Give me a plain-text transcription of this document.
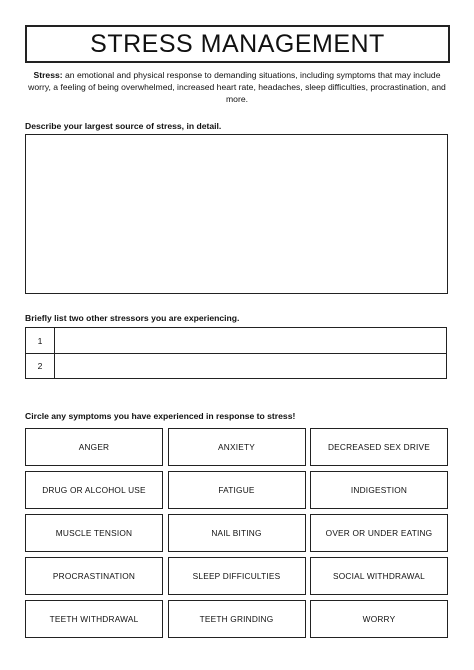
STRESS MANAGEMENT
Stress: an emotional and physical response to demanding situations, including symptoms that may include worry, a feeling of being overwhelmed, increased heart rate, headaches, sleep difficulties, procrastination, and more.
Describe your largest source of stress, in detail.
Briefly list two other stressors you are experiencing.
1
2
Circle any symptoms you have experienced in response to stress!
ANGER	ANXIETY	DECREASED SEX DRIVE
DRUG OR ALCOHOL USE	FATIGUE	INDIGESTION
MUSCLE TENSION	NAIL BITING	OVER OR UNDER EATING
PROCRASTINATION	SLEEP DIFFICULTIES	SOCIAL WITHDRAWAL
TEETH WITHDRAWAL	TEETH GRINDING	WORRY
